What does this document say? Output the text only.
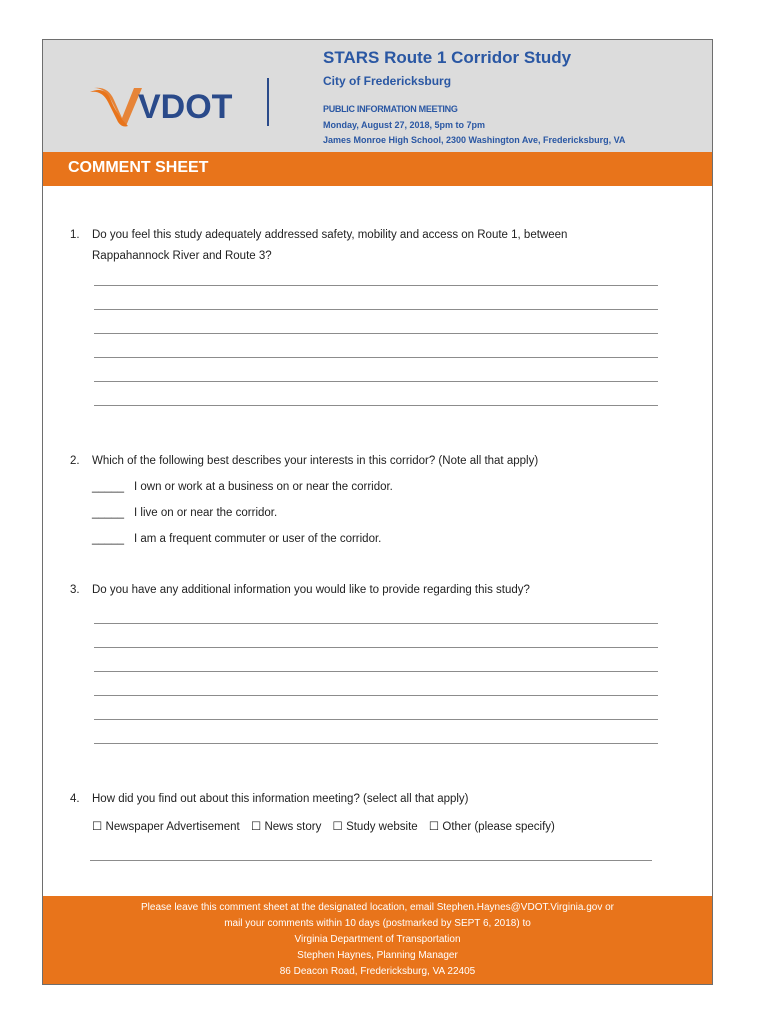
VDOT
STARS Route 1 Corridor Study
City of Fredericksburg
PUBLIC INFORMATION MEETING
Monday, August 27, 2018, 5pm to 7pm
James Monroe High School, 2300 Washington Ave, Fredericksburg, VA
COMMENT SHEET
1. Do you feel this study adequately addressed safety, mobility and access on Route 1, between
Rappahannock River and Route 3?
2. Which of the following best describes your interests in this corridor? (Note all that apply)
_____ I own or work at a business on or near the corridor.
_____ I live on or near the corridor.
_____ I am a frequent commuter or user of the corridor.
3. Do you have any additional information you would like to provide regarding this study?
4. How did you find out about this information meeting? (select all that apply)
☐ Newspaper Advertisement ☐ News story ☐ Study website ☐ Other (please specify)
Please leave this comment sheet at the designated location, email Stephen.Haynes@VDOT.Virginia.gov or
mail your comments within 10 days (postmarked by SEPT 6, 2018) to
Virginia Department of Transportation
Stephen Haynes, Planning Manager
86 Deacon Road, Fredericksburg, VA 22405
